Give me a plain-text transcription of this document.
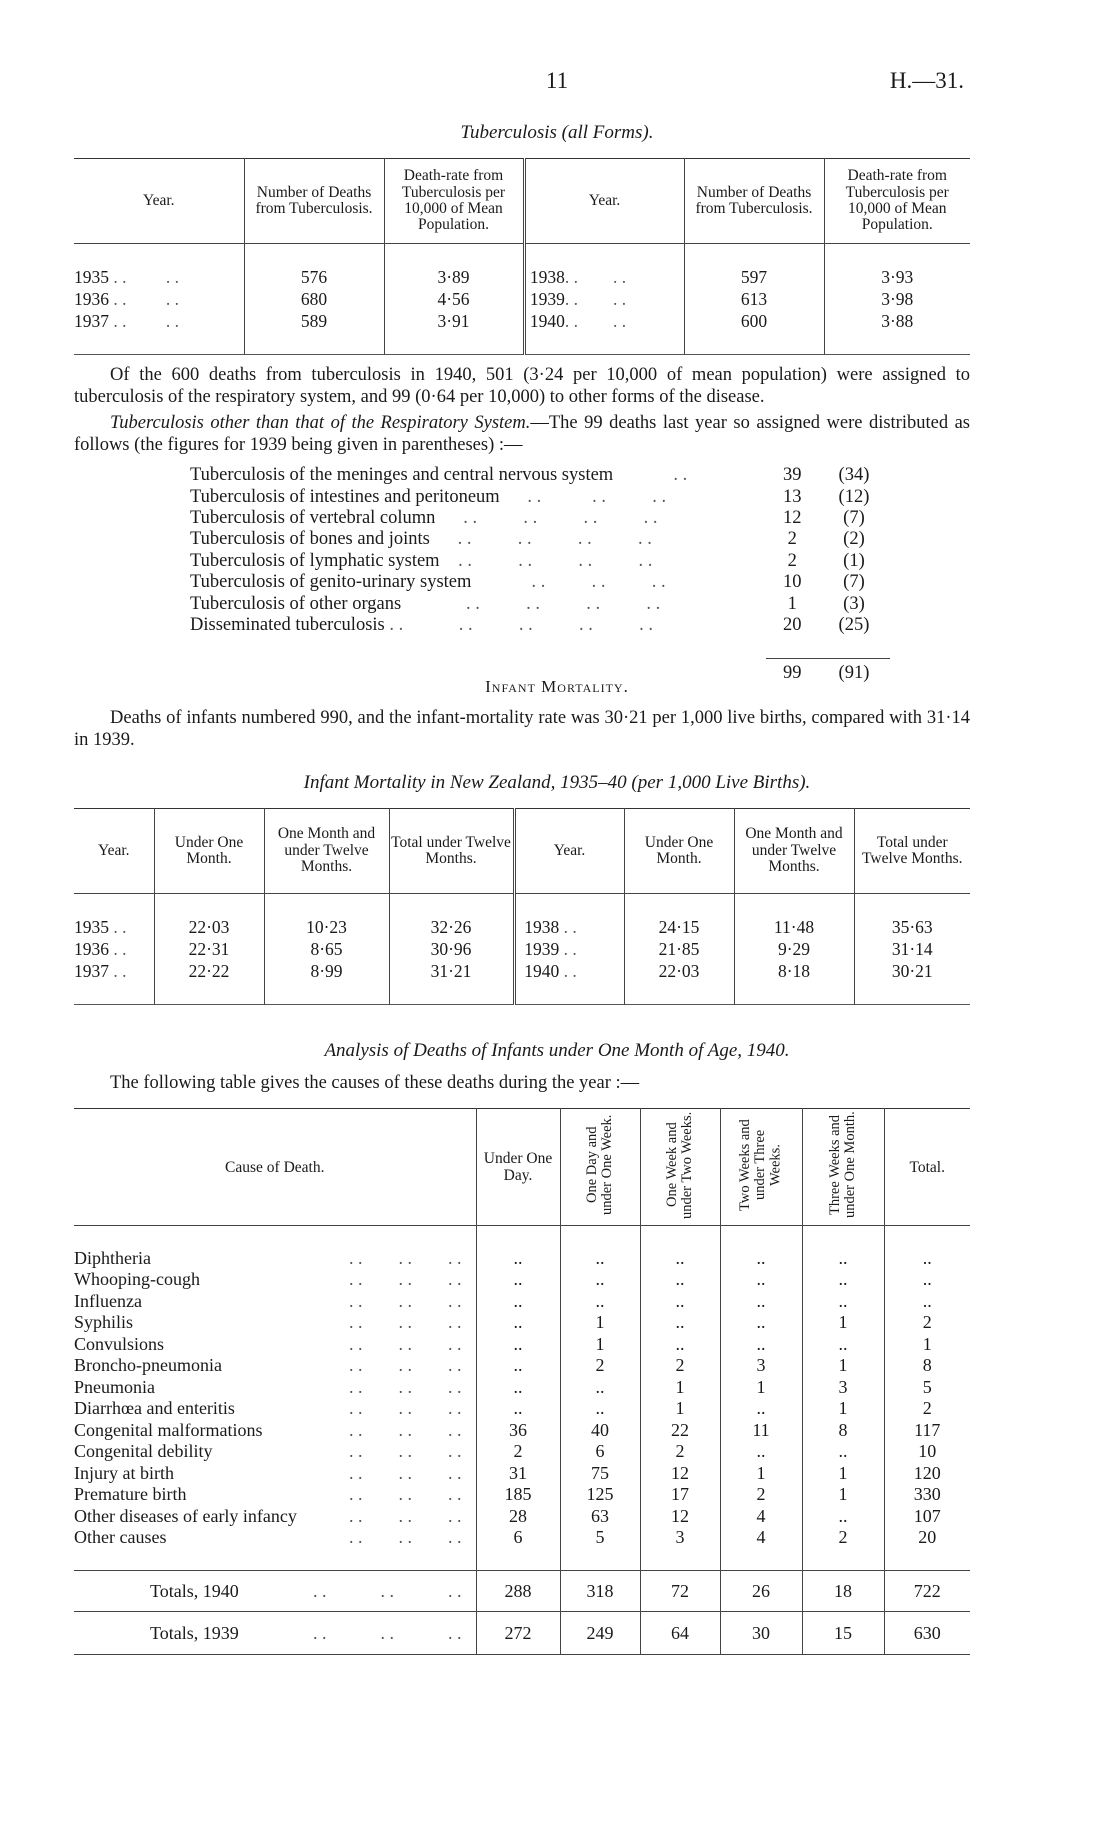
11	H.—31.
Tuberculosis (all Forms).
Year.	Number of Deaths from Tuberculosis.	Death-rate from Tuberculosis per 10,000 of Mean Population.	Year.	Number of Deaths from Tuberculosis.	Death-rate from Tuberculosis per 10,000 of Mean Population.

1935 . .         . .	576	3·89	1938. .        . .	597	3·93
1936 . .         . .	680	4·56	1939. .        . .	613	3·98
1937 . .         . .	589	3·91	1940. .        . .	600	3·88

Of the 600 deaths from tuberculosis in 1940, 501 (3·24 per 10,000 of mean population) were assigned to tuberculosis of the respiratory system, and 99 (0·64 per 10,000) to other forms of the disease.

Tuberculosis other than that of the Respiratory System.—The 99 deaths last year so assigned were distributed as follows (the figures for 1939 being given in parentheses) :—

Tuberculosis of the meninges and central nervous system             . .	39	(34)
Tuberculosis of intestines and peritoneum      . .           . .          . .	13	(12)
Tuberculosis of vertebral column      . .          . .          . .          . .	12	(7)
Tuberculosis of bones and joints      . .          . .          . .          . .	2	(2)
Tuberculosis of lymphatic system    . .          . .          . .          . .	2	(1)
Tuberculosis of genito-urinary system             . .          . .          . .	10	(7)
Tuberculosis of other organs              . .          . .          . .          . .	1	(3)
Disseminated tuberculosis . .            . .          . .          . .          . .	20	(25)

	99	(91)
Infant Mortality.

Deaths of infants numbered 990, and the infant-mortality rate was 30·21 per 1,000 live births, compared with 31·14 in 1939.

Infant Mortality in New Zealand, 1935–40 (per 1,000 Live Births).
Year.	Under One Month.	One Month and under Twelve Months.	Total under Twelve Months.	Year.	Under One Month.	One Month and under Twelve Months.	Total under Twelve Months.

1935 . .	22·03	10·23	32·26	1938 . .	24·15	11·48	35·63
1936 . .	22·31	8·65	30·96	1939 . .	21·85	9·29	31·14
1937 . .	22·22	8·99	31·21	1940 . .	22·03	8·18	30·21

Analysis of Deaths of Infants under One Month of Age, 1940.
The following table gives the causes of these deaths during the year :—
Cause of Death.	Under One Day.	One Day and under One Week.	One Week and under Two Weeks.	Two Weeks and under Three Weeks.	Three Weeks and under One Month.	Total.

Diphtheria . .        . .        . .	..	..	..	..	..	..
Whooping-cough . .        . .        . .	..	..	..	..	..	..
Influenza . .        . .        . .	..	..	..	..	..	..
Syphilis . .        . .        . .	..	1	..	..	1	2
Convulsions . .        . .        . .	..	1	..	..	..	1
Broncho-pneumonia . .        . .        . .	..	2	2	3	1	8
Pneumonia . .        . .        . .	..	..	1	1	3	5
Diarrhœa and enteritis . .        . .        . .	..	..	1	..	1	2
Congenital malformations . .        . .        . .	36	40	22	11	8	117
Congenital debility . .        . .        . .	2	6	2	..	..	10
Injury at birth . .        . .        . .	31	75	12	1	1	120
Premature birth . .        . .        . .	185	125	17	2	1	330
Other diseases of early infancy . .        . .        . .	28	63	12	4	..	107
Other causes . .        . .        . .	6	5	3	4	2	20

Totals, 1940 . .            . .            . .	288	318	72	26	18	722
Totals, 1939 . .            . .            . .	272	249	64	30	15	630
